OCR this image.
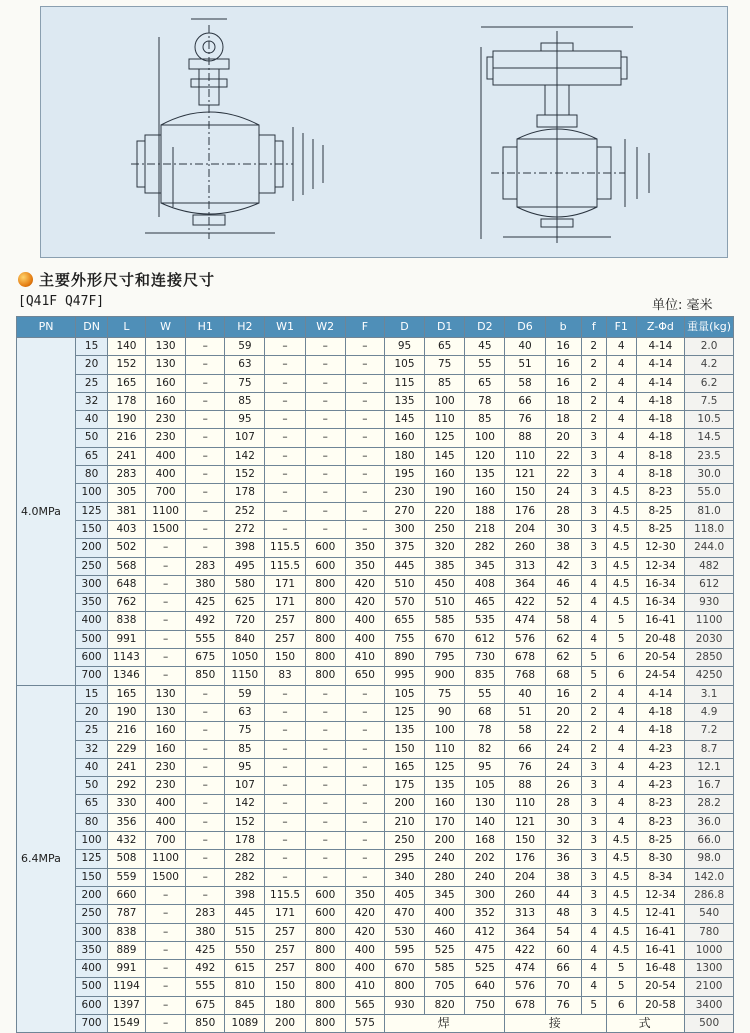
主要外形尺寸和连接尺寸
[Q41F Q47F]	单位: 毫米
PN	DN	L	W	H1	H2	W1	W2	F	D	D1	D2	D6	b	f	F1	Z-Φd	重量(kg)
4.0MPa	15	140	130	–	59	–	–	–	95	65	45	40	16	2	4	4-14	2.0
	20	152	130	–	63	–	–	–	105	75	55	51	16	2	4	4-14	4.2
	25	165	160	–	75	–	–	–	115	85	65	58	16	2	4	4-14	6.2
	32	178	160	–	85	–	–	–	135	100	78	66	18	2	4	4-18	7.5
	40	190	230	–	95	–	–	–	145	110	85	76	18	2	4	4-18	10.5
	50	216	230	–	107	–	–	–	160	125	100	88	20	3	4	4-18	14.5
	65	241	400	–	142	–	–	–	180	145	120	110	22	3	4	8-18	23.5
	80	283	400	–	152	–	–	–	195	160	135	121	22	3	4	8-18	30.0
	100	305	700	–	178	–	–	–	230	190	160	150	24	3	4.5	8-23	55.0
	125	381	1100	–	252	–	–	–	270	220	188	176	28	3	4.5	8-25	81.0
	150	403	1500	–	272	–	–	–	300	250	218	204	30	3	4.5	8-25	118.0
	200	502	–	–	398	115.5	600	350	375	320	282	260	38	3	4.5	12-30	244.0
	250	568	–	283	495	115.5	600	350	445	385	345	313	42	3	4.5	12-34	482
	300	648	–	380	580	171	800	420	510	450	408	364	46	4	4.5	16-34	612
	350	762	–	425	625	171	800	420	570	510	465	422	52	4	4.5	16-34	930
	400	838	–	492	720	257	800	400	655	585	535	474	58	4	5	16-41	1100
	500	991	–	555	840	257	800	400	755	670	612	576	62	4	5	20-48	2030
	600	1143	–	675	1050	150	800	410	890	795	730	678	62	5	6	20-54	2850
	700	1346	–	850	1150	83	800	650	995	900	835	768	68	5	6	24-54	4250
6.4MPa	15	165	130	–	59	–	–	–	105	75	55	40	16	2	4	4-14	3.1
	20	190	130	–	63	–	–	–	125	90	68	51	20	2	4	4-18	4.9
	25	216	160	–	75	–	–	–	135	100	78	58	22	2	4	4-18	7.2
	32	229	160	–	85	–	–	–	150	110	82	66	24	2	4	4-23	8.7
	40	241	230	–	95	–	–	–	165	125	95	76	24	3	4	4-23	12.1
	50	292	230	–	107	–	–	–	175	135	105	88	26	3	4	4-23	16.7
	65	330	400	–	142	–	–	–	200	160	130	110	28	3	4	8-23	28.2
	80	356	400	–	152	–	–	–	210	170	140	121	30	3	4	8-23	36.0
	100	432	700	–	178	–	–	–	250	200	168	150	32	3	4.5	8-25	66.0
	125	508	1100	–	282	–	–	–	295	240	202	176	36	3	4.5	8-30	98.0
	150	559	1500	–	282	–	–	–	340	280	240	204	38	3	4.5	8-34	142.0
	200	660	–	–	398	115.5	600	350	405	345	300	260	44	3	4.5	12-34	286.8
	250	787	–	283	445	171	600	420	470	400	352	313	48	3	4.5	12-41	540
	300	838	–	380	515	257	800	420	530	460	412	364	54	4	4.5	16-41	780
	350	889	–	425	550	257	800	400	595	525	475	422	60	4	4.5	16-41	1000
	400	991	–	492	615	257	800	400	670	585	525	474	66	4	5	16-48	1300
	500	1194	–	555	810	150	800	410	800	705	640	576	70	4	5	20-54	2100
	600	1397	–	675	845	180	800	565	930	820	750	678	76	5	6	20-58	3400
	700	1549	–	850	1089	200	800	575	焊			接			式		500
